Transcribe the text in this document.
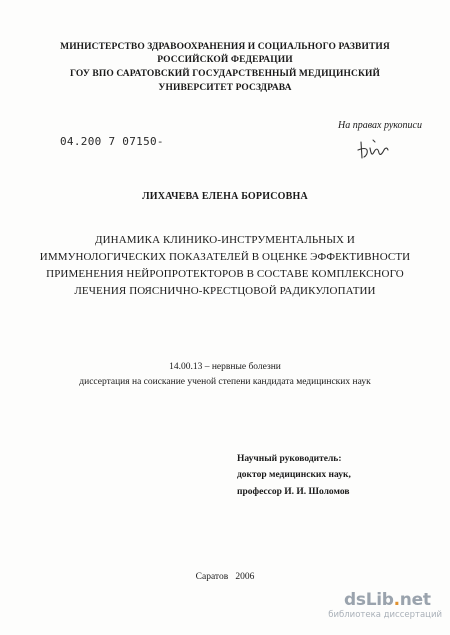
МИНИСТЕРСТВО ЗДРАВООХРАНЕНИЯ И СОЦИАЛЬНОГО РАЗВИТИЯ
РОССИЙСКОЙ ФЕДЕРАЦИИ
ГОУ ВПО САРАТОВСКИЙ ГОСУДАРСТВЕННЫЙ МЕДИЦИНСКИЙ
УНИВЕРСИТЕТ РОСЗДРАВА
04.200 7 07150-
На правах рукописи
ЛИХАЧЕВА ЕЛЕНА БОРИСОВНА
ДИНАМИКА КЛИНИКО-ИНСТРУМЕНТАЛЬНЫХ И
ИММУНОЛОГИЧЕСКИХ ПОКАЗАТЕЛЕЙ В ОЦЕНКЕ ЭФФЕКТИВНОСТИ
ПРИМЕНЕНИЯ НЕЙРОПРОТЕКТОРОВ В СОСТАВЕ КОМПЛЕКСНОГО
ЛЕЧЕНИЯ ПОЯСНИЧНО-КРЕСТЦОВОЙ РАДИКУЛОПАТИИ
14.00.13 – нервные болезни
диссертация на соискание ученой степени кандидата медицинских наук
Научный руководитель:
доктор медицинских наук,
профессор И. И. Шоломов
Саратов   2006
dsLib.net
библиотека диссертаций
